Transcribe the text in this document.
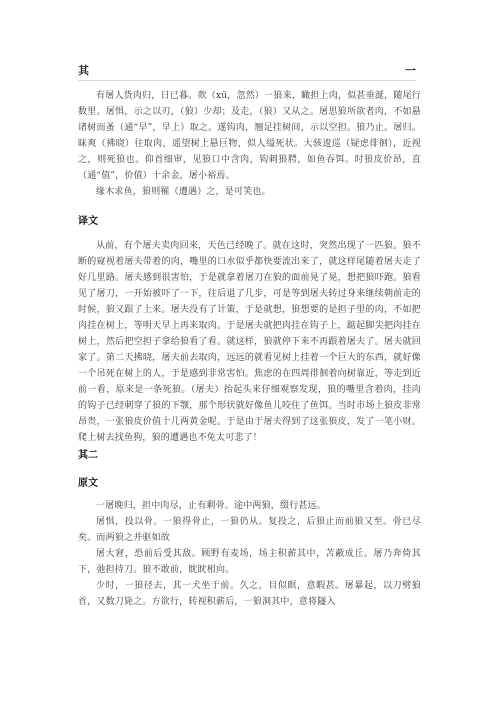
其	一

有屠人货肉归，日已暮。欻（xū，忽然）一狼来，瞰担上肉，似甚垂涎，随尾行数里。屠惧，示之以刃，（狼）少却；及走，（狼）又从之。屠思狼所欲者肉，不如悬诸树而蚤（通“早”，早上）取之。遂钩肉，翘足挂树间，示以空担。狼乃止。屠归。昧爽（拂晓）往取肉，遥望树上悬巨物，似人缢死状。大骇逡巡（疑虑徘徊），近视之，则死狼也。仰首细审，见狼口中含肉，钩刺狼腭，如鱼吞饵。时狼皮价昂，直（通“值”，价值）十余金，屠小裕焉。

缘木求鱼，狼则罹（遭遇）之，是可笑也。

译文

从前，有个屠夫卖肉回来，天色已经晚了。就在这时，突然出现了一匹狼。狼不断的窥视着屠夫带着的肉，嘴里的口水似乎都快要流出来了，就这样尾随着屠夫走了好几里路。屠夫感到很害怕，于是就拿着屠刀在狼的面前晃了晃，想把狼吓跑。狼看见了屠刀，一开始被吓了一下，往后退了几步，可是等到屠夫转过身来继续朝前走的时候，狼又跟了上来。屠夫没有了计策，于是就想，狼想要的是担子里的肉，不如把肉挂在树上，等明天早上再来取肉。于是屠夫就把肉挂在钩子上，踮起脚尖把肉挂在树上，然后把空担子拿给狼看了看。就这样，狼就停下来不再跟着屠夫了。屠夫就回家了。第二天拂晓，屠夫前去取肉，远远的就看见树上挂着一个巨大的东西，就好像一个吊死在树上的人，于是感到非常害怕。焦虑的在四周徘徊着向树靠近，等走到近前一看，原来是一条死狼。（屠夫）抬起头来仔细观察发现，狼的嘴里含着肉，挂肉的钩子已经刺穿了狼的下颚，那个形状就好像鱼儿咬住了鱼饵。当时市场上狼皮非常昂贵，一张狼皮价值十几两黄金呢。于是由于屠夫得到了这张狼皮，发了一笔小财。爬上树去找鱼狗，狼的遭遇也不免太可悲了！

其二

原文

一屠晚归，担中肉尽，止有剩骨。途中两狼，缀行甚远。

屠惧，投以骨。一狼得骨止，一狼仍从。复投之，后狼止而前狼又至。骨已尽矣。而两狼之并驱如故

屠大窘，恐前后受其敌。顾野有麦场，场主积薪其中，苫蔽成丘。屠乃奔倚其下，弛担持刀。狼不敢前，眈眈相向。

少时，一狼径去，其一犬坐于前。久之，目似瞑，意暇甚。屠暴起，以刀劈狼首，又数刀毙之。方欲行，转视积薪后，一狼洞其中，意将隧入
